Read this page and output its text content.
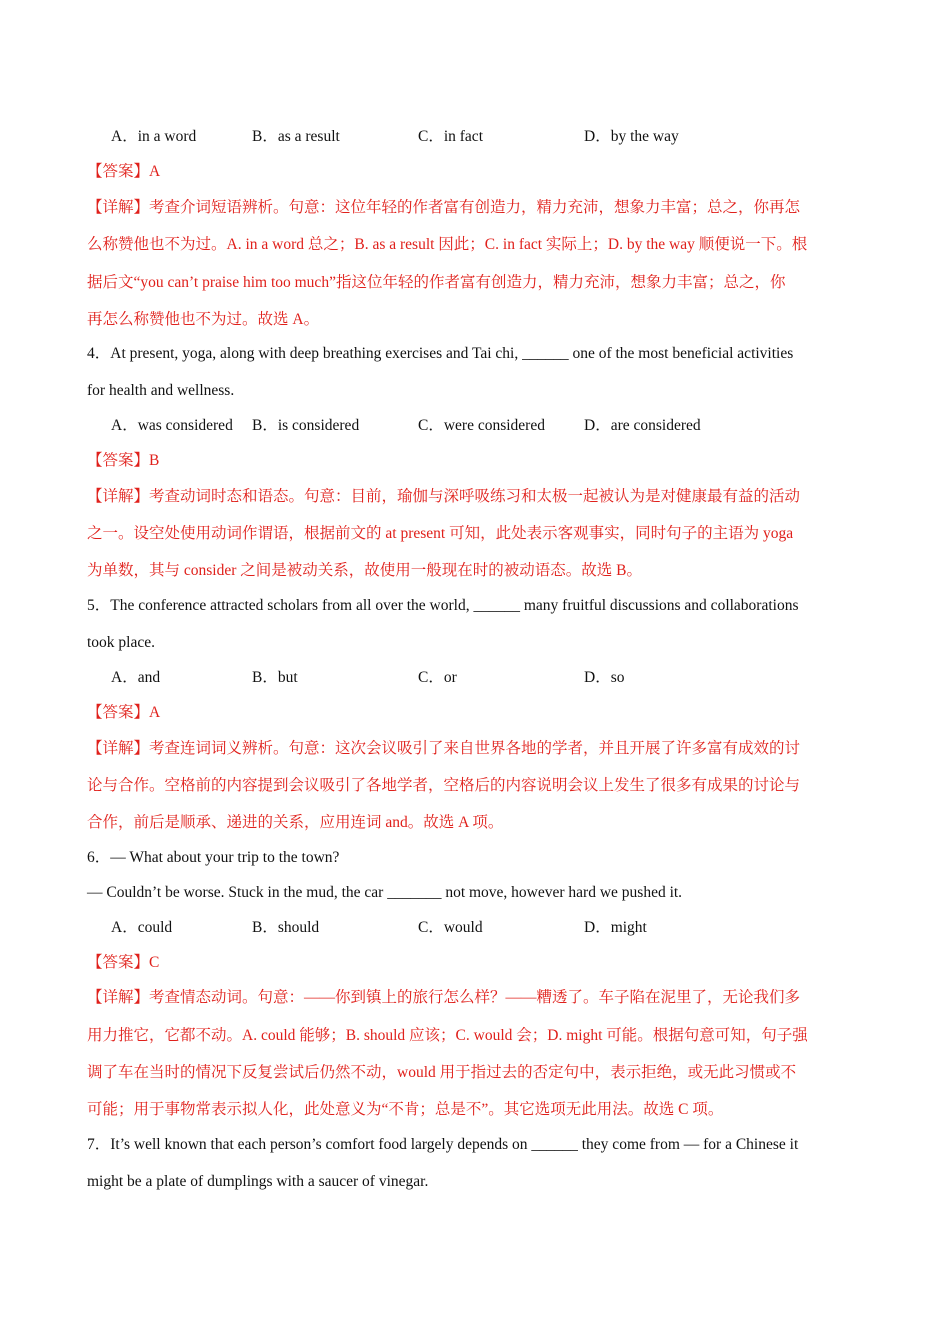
A．in a word	B．as a result	C．in fact	D．by the way
【答案】A
【详解】考查介词短语辨析。句意：这位年轻的作者富有创造力，精力充沛，想象力丰富；总之，你再怎
么称赞他也不为过。A. in a word 总之；B. as a result 因此；C. in fact 实际上；D. by the way 顺便说一下。根
据后文“you can’t praise him too much”指这位年轻的作者富有创造力，精力充沛，想象力丰富；总之，你
再怎么称赞他也不为过。故选 A。
4．At present, yoga, along with deep breathing exercises and Tai chi, ______ one of the most beneficial activities
for health and wellness.
A．was considered B．is considered	C．were considered	D．are considered
【答案】B
【详解】考查动词时态和语态。句意：目前，瑜伽与深呼吸练习和太极一起被认为是对健康最有益的活动
之一。设空处使用动词作谓语，根据前文的 at present 可知，此处表示客观事实，同时句子的主语为 yoga
为单数，其与 consider 之间是被动关系，故使用一般现在时的被动语态。故选 B。
5．The conference attracted scholars from all over the world, ______ many fruitful discussions and collaborations
took place.
A．and	B．but	C．or	D．so
【答案】A
【详解】考查连词词义辨析。句意：这次会议吸引了来自世界各地的学者，并且开展了许多富有成效的讨
论与合作。空格前的内容提到会议吸引了各地学者，空格后的内容说明会议上发生了很多有成果的讨论与
合作，前后是顺承、递进的关系，应用连词 and。故选 A 项。
6．— What about your trip to the town?
— Couldn’t be worse. Stuck in the mud, the car _______ not move, however hard we pushed it.
A．could	B．should	C．would	D．might
【答案】C
【详解】考查情态动词。句意：——你到镇上的旅行怎么样？——糟透了。车子陷在泥里了，无论我们多
用力推它，它都不动。A. could 能够；B. should 应该；C. would 会；D. might 可能。根据句意可知，句子强
调了车在当时的情况下反复尝试后仍然不动，would 用于指过去的否定句中，表示拒绝，或无此习惯或不
可能；用于事物常表示拟人化，此处意义为“不肯；总是不”。其它选项无此用法。故选 C 项。
7．It’s well known that each person’s comfort food largely depends on ______ they come from — for a Chinese it
might be a plate of dumplings with a saucer of vinegar.
